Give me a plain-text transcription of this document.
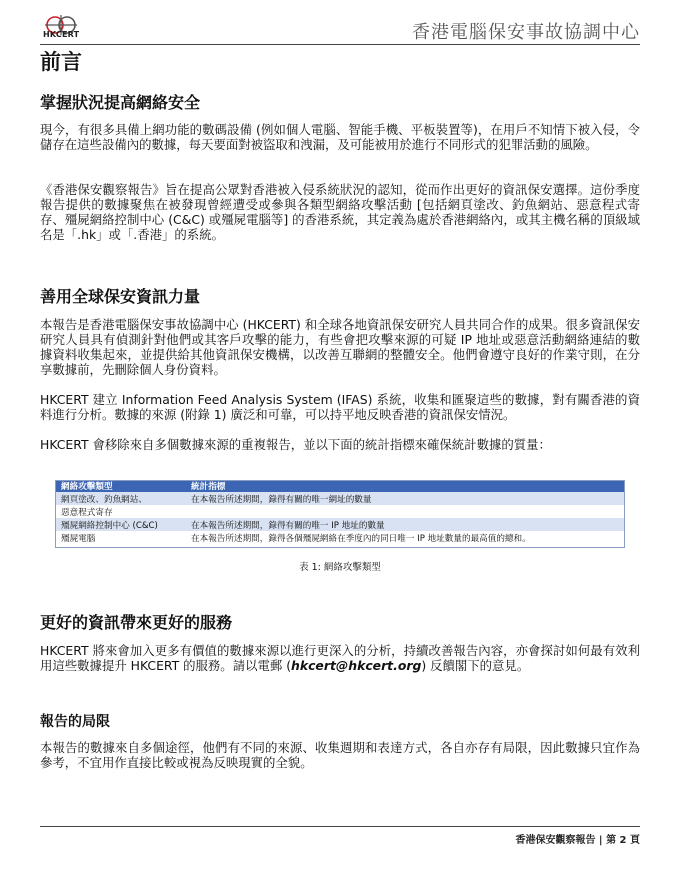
HKCERT	香港電腦保安事故協調中心
前言
掌握狀況提高網絡安全

現今，有很多具備上網功能的數碼設備 (例如個人電腦、智能手機、平板裝置等)，在用戶不知情下被入侵，令儲存在這些設備內的數據，每天要面對被盜取和洩漏，及可能被用於進行不同形式的犯罪活動的風險。

《香港保安觀察報告》旨在提高公眾對香港被入侵系統狀況的認知，從而作出更好的資訊保安選擇。這份季度報告提供的數據聚焦在被發現曾經遭受或參與各類型網絡攻擊活動 [包括網頁塗改、釣魚網站、惡意程式寄存、殭屍網絡控制中心 (C&C) 或殭屍電腦等] 的香港系統，其定義為處於香港網絡內，或其主機名稱的頂級域名是「.hk」或「.香港」的系統。

善用全球保安資訊力量

本報告是香港電腦保安事故協調中心 (HKCERT) 和全球各地資訊保安研究人員共同合作的成果。很多資訊保安研究人員具有偵測針對他們或其客戶攻擊的能力，有些會把攻擊來源的可疑 IP 地址或惡意活動網絡連結的數據資料收集起來，並提供給其他資訊保安機構，以改善互聯網的整體安全。他們會遵守良好的作業守則，在分享數據前，先刪除個人身份資料。

HKCERT 建立 Information Feed Analysis System (IFAS) 系統，收集和匯聚這些的數據，對有關香港的資料進行分析。數據的來源 (附錄 1) 廣泛和可靠，可以持平地反映香港的資訊保安情況。

HKCERT 會移除來自多個數據來源的重複報告，並以下面的統計指標來確保統計數據的質量：

網絡攻擊類型	統計指標
網頁塗改、釣魚網站、	在本報告所述期間，錄得有關的唯一網址的數量
惡意程式寄存	
殭屍網絡控制中心 (C&C)	在本報告所述期間，錄得有關的唯一 IP 地址的數量
殭屍電腦	在本報告所述期間，錄得各個殭屍網絡在季度內的同日唯一 IP 地址數量的最高值的總和。
表 1: 網絡攻擊類型
更好的資訊帶來更好的服務

HKCERT 將來會加入更多有價值的數據來源以進行更深入的分析，持續改善報告內容，亦會探討如何最有效利用這些數據提升 HKCERT 的服務。請以電郵 (hkcert@hkcert.org) 反饋閣下的意見。

報告的局限

本報告的數據來自多個途徑，他們有不同的來源、收集週期和表達方式，各自亦存有局限，因此數據只宜作為參考，不宜用作直接比較或視為反映現實的全貌。

香港保安觀察報告 | 第 2 頁
